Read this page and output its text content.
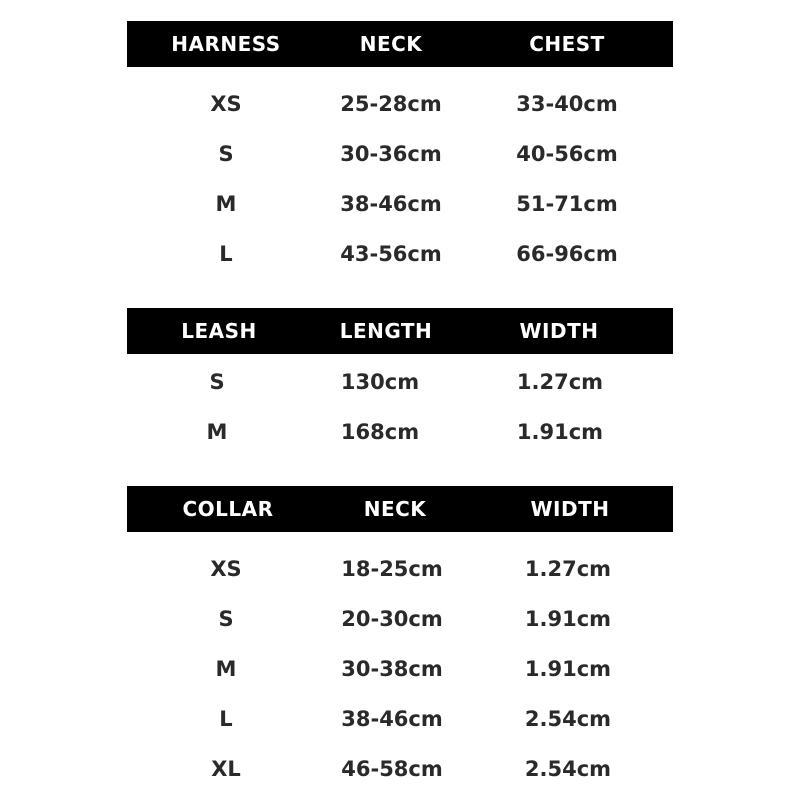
HARNESS	NECK	CHEST
XS	25-28cm	33-40cm
S	30-36cm	40-56cm
M	38-46cm	51-71cm
L	43-56cm	66-96cm
LEASH	LENGTH	WIDTH
S	130cm	1.27cm
M	168cm	1.91cm
COLLAR	NECK	WIDTH
XS	18-25cm	1.27cm
S	20-30cm	1.91cm
M	30-38cm	1.91cm
L	38-46cm	2.54cm
XL	46-58cm	2.54cm
